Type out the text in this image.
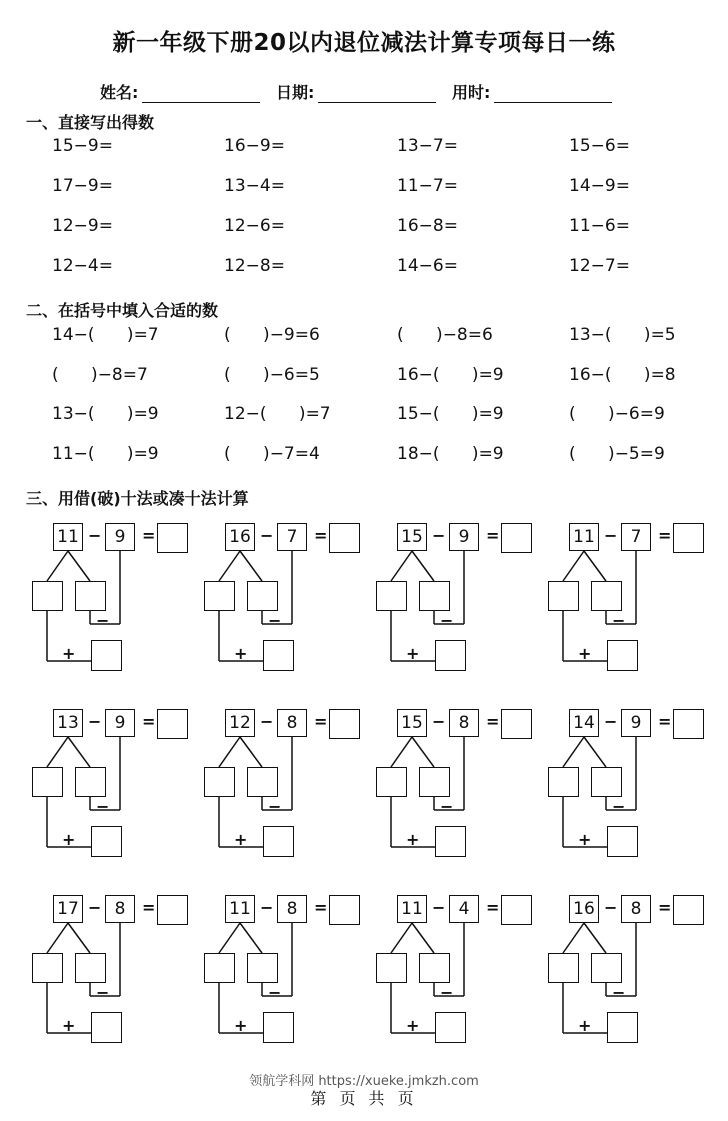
新一年级下册20以内退位减法计算专项每日一练
姓名:	日期:	用时:
一、直接写出得数
15−9=	16−9=	13−7=	15−6=
17−9=	13−4=	11−7=	14−9=
12−9=	12−6=	16−8=	11−6=
12−4=	12−8=	14−6=	12−7=
二、在括号中填入合适的数
14−(      )=7	(      )−9=6	(      )−8=6	13−(      )=5
(      )−8=7	(      )−6=5	16−(      )=9	16−(      )=8
13−(      )=9	12−(      )=7	15−(      )=9	(      )−6=9
11−(      )=9	(      )−7=4	18−(      )=9	(      )−5=9
三、用借(破)十法或凑十法计算
11 − 9	=
−
+
16 − 7	=
−
+
15 − 9	=
−
+
11 − 7	=
−
+
13 − 9	=
−
+
12 − 8	=
−
+
15 − 8	=
−
+
14 − 9	=
−
+
17 − 8	=
−
+
11 − 8	=
−
+
11 − 4	=
−
+
16 − 8	=
−
+
领航学科网 https://xueke.jmkzh.com
第 页 共 页
